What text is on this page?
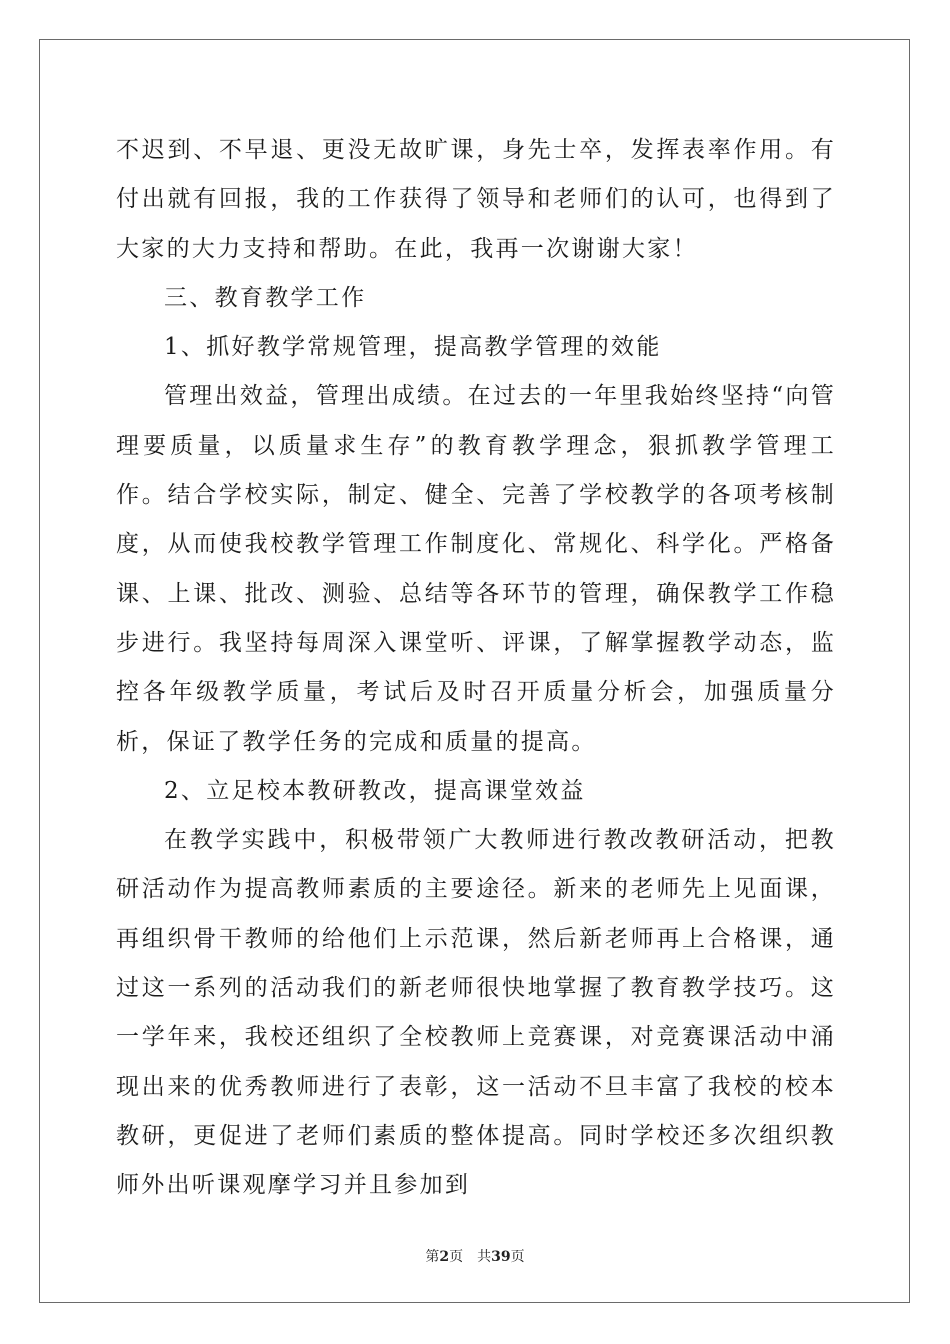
不迟到、不早退、更没无故旷课，身先士卒，发挥表率作用。有付出就有回报，我的工作获得了领导和老师们的认可，也得到了大家的大力支持和帮助。在此，我再一次谢谢大家！

三、教育教学工作

1、抓好教学常规管理，提高教学管理的效能

管理出效益，管理出成绩。在过去的一年里我始终坚持“向管理要质量，以质量求生存”的教育教学理念，狠抓教学管理工作。结合学校实际，制定、健全、完善了学校教学的各项考核制度，从而使我校教学管理工作制度化、常规化、科学化。严格备课、上课、批改、测验、总结等各环节的管理，确保教学工作稳步进行。我坚持每周深入课堂听、评课，了解掌握教学动态，监控各年级教学质量，考试后及时召开质量分析会，加强质量分析，保证了教学任务的完成和质量的提高。

2、立足校本教研教改，提高课堂效益

在教学实践中，积极带领广大教师进行教改教研活动，把教研活动作为提高教师素质的主要途径。新来的老师先上见面课，再组织骨干教师的给他们上示范课，然后新老师再上合格课，通过这一系列的活动我们的新老师很快地掌握了教育教学技巧。这一学年来，我校还组织了全校教师上竞赛课，对竞赛课活动中涌现出来的优秀教师进行了表彰，这一活动不旦丰富了我校的校本教研，更促进了老师们素质的整体提高。同时学校还多次组织教师外出听课观摩学习并且参加到

第2页 共39页
